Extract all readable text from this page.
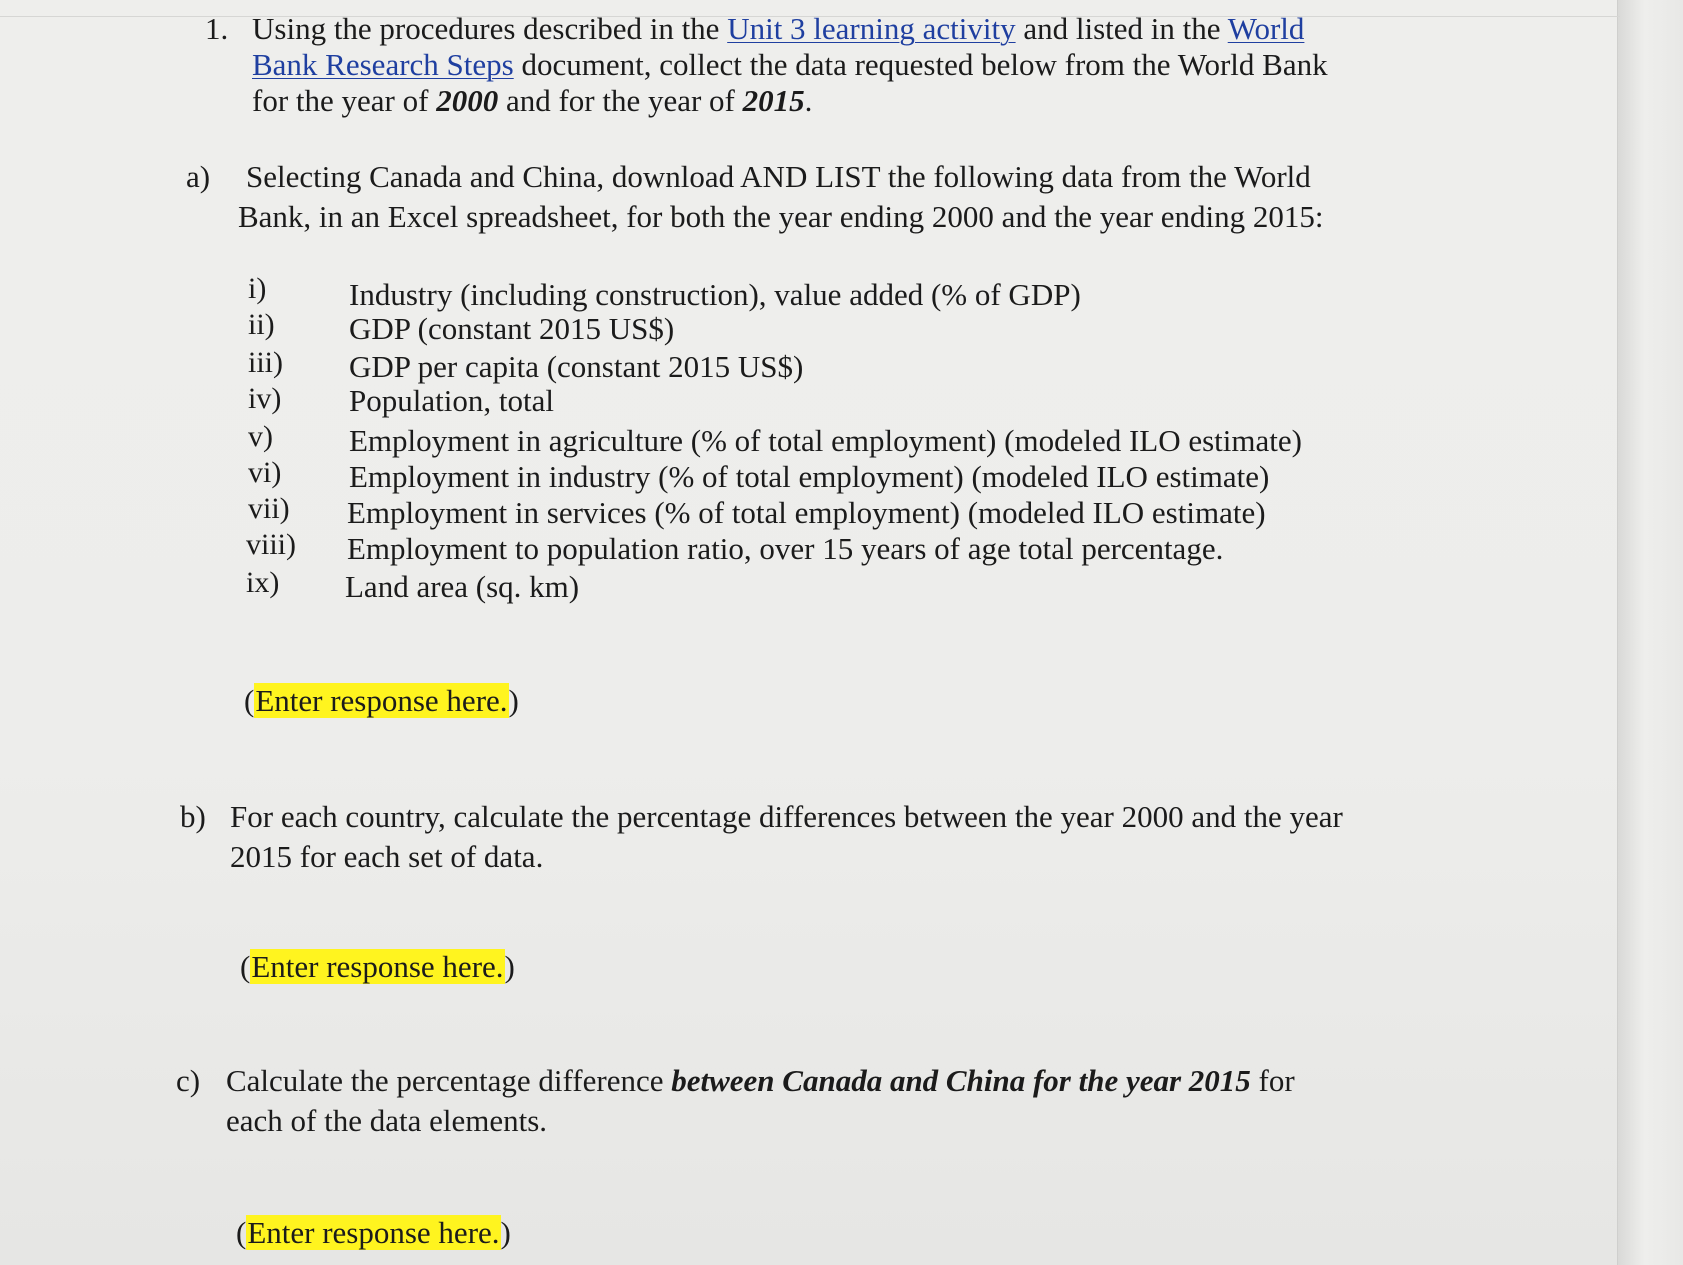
1. Using the procedures described in the Unit 3 learning activity and listed in the World
Bank Research Steps document, collect the data requested below from the World Bank
for the year of 2000 and for the year of 2015.
a) Selecting Canada and China, download AND LIST the following data from the World
Bank, in an Excel spreadsheet, for both the year ending 2000 and the year ending 2015:
i)	Industry (including construction), value added (% of GDP)
ii) GDP (constant 2015 US$)
iii) GDP per capita (constant 2015 US$)
iv) Population, total
v) Employment in agriculture (% of total employment) (modeled ILO estimate)
vi) Employment in industry (% of total employment) (modeled ILO estimate)
vii) Employment in services (% of total employment) (modeled ILO estimate)
viii) Employment to population ratio, over 15 years of age total percentage.
ix) Land area (sq. km)
(Enter response here.)
b) For each country, calculate the percentage differences between the year 2000 and the year
2015 for each set of data.
(Enter response here.)
c) Calculate the percentage difference between Canada and China for the year 2015 for
each of the data elements.
(Enter response here.)
